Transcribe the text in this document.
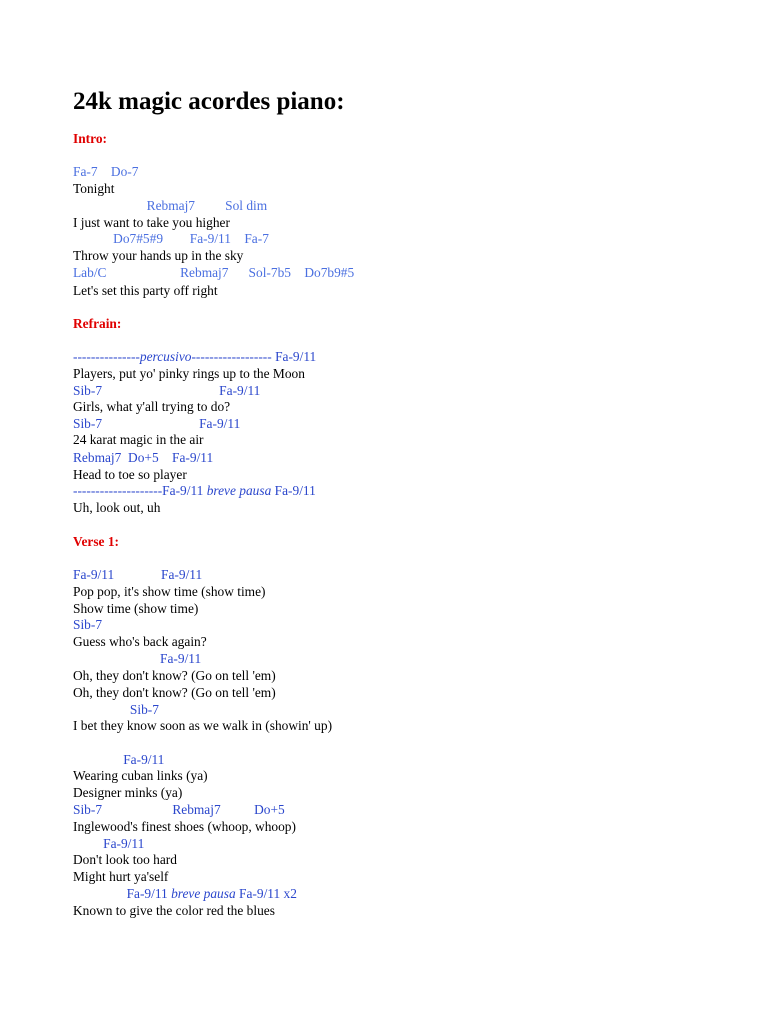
24k magic acordes piano:

Intro:

Fa-7    Do-7

Tonight

Rebmaj7         Sol dim

I just want to take you higher

Do7#5#9        Fa-9/11    Fa-7

Throw your hands up in the sky

Lab/C                      Rebmaj7      Sol-7b5    Do7b9#5

Let's set this party off right

Refrain:

---------------percusivo------------------ Fa-9/11

Players, put yo' pinky rings up to the Moon

Sib-7                                   Fa-9/11

Girls, what y'all trying to do?

Sib-7                             Fa-9/11

24 karat magic in the air

Rebmaj7  Do+5    Fa-9/11

Head to toe so player

--------------------Fa-9/11 breve pausa Fa-9/11

Uh, look out, uh

Verse 1:

Fa-9/11              Fa-9/11

Pop pop, it's show time (show time)

Show time (show time)

Sib-7

Guess who's back again?

Fa-9/11

Oh, they don't know? (Go on tell 'em)

Oh, they don't know? (Go on tell 'em)

Sib-7

I bet they know soon as we walk in (showin' up)

Fa-9/11

Wearing cuban links (ya)

Designer minks (ya)

Sib-7                     Rebmaj7          Do+5

Inglewood's finest shoes (whoop, whoop)

Fa-9/11

Don't look too hard

Might hurt ya'self

Fa-9/11 breve pausa Fa-9/11 x2

Known to give the color red the blues
